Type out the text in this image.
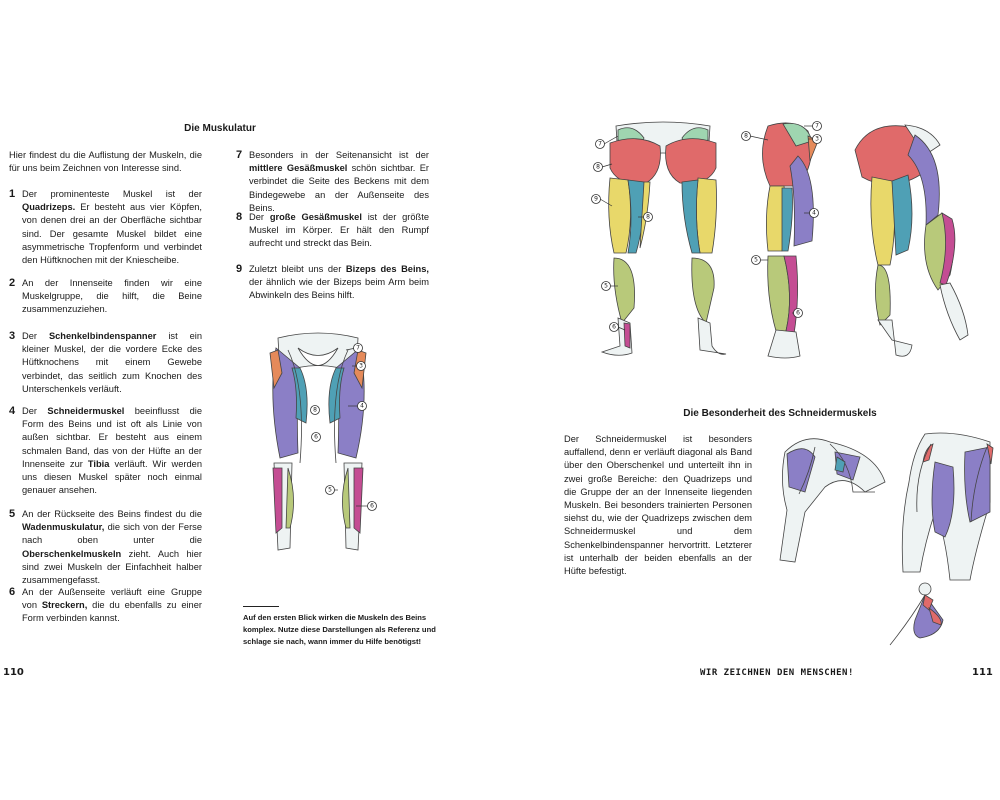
Die Muskulatur
Hier findest du die Auflistung der Muskeln, die für uns beim Zeichnen von Interesse sind.
1 Der prominenteste Muskel ist der Quadrizeps. Er besteht aus vier Köpfen, von denen drei an der Oberfläche sichtbar sind. Der gesamte Muskel bildet eine asymmetrische Tropfenform und verbindet den Hüftknochen mit der Kniescheibe.
2 An der Innenseite finden wir eine Muskelgruppe, die hilft, die Beine zusammenzuziehen.
3 Der Schenkelbindenspanner ist ein kleiner Muskel, der die vordere Ecke des Hüftknochens mit einem Gewebe verbindet, das seitlich zum Knochen des Unterschenkels verläuft.
4 Der Schneidermuskel beeinflusst die Form des Beins und ist oft als Linie von außen sichtbar. Er besteht aus einem schmalen Band, das von der Hüfte an der Innenseite zur Tibia verläuft. Wir werden uns diesen Muskel später noch einmal genauer ansehen.
5 An der Rückseite des Beins findest du die Wadenmuskulatur, die sich von der Ferse nach oben unter die Oberschenkelmuskeln zieht. Auch hier sind zwei Muskeln der Einfachheit halber zusammengefasst.
6 An der Außenseite verläuft eine Gruppe von Streckern, die du ebenfalls zu einer Form verbinden kannst.
7 Besonders in der Seitenansicht ist der mittlere Gesäßmuskel schön sichtbar. Er verbindet die Seite des Beckens mit dem Bindegewebe an der Außenseite des Beins.
8 Der große Gesäßmuskel ist der größte Muskel im Körper. Er hält den Rumpf aufrecht und streckt das Bein.
9 Zuletzt bleibt uns der Bizeps des Beins, der ähnlich wie der Bizeps beim Arm beim Abwinkeln des Beins hilft.
7
3
8
4
6
5
6
Auf den ersten Blick wirken die Muskeln des Beins komplex. Nutze diese Darstellungen als Referenz und schlage sie nach, wann immer du Hilfe benötigst!
110
7
8
9
8
5
6
8
7
3
4
5
6
Die Besonderheit des Schneidermuskels
Der Schneidermuskel ist besonders auffallend, denn er verläuft diagonal als Band über den Oberschenkel und unterteilt ihn in zwei große Bereiche: den Quadrizeps und die Gruppe der an der Innenseite liegenden Muskeln. Bei besonders trainierten Personen siehst du, wie der Quadrizeps zwischen dem Schneidermuskel und dem Schenkelbindenspanner hervortritt. Letzterer ist unterhalb der beiden ebenfalls an der Hüfte befestigt.
WIR ZEICHNEN DEN MENSCHEN!	111
